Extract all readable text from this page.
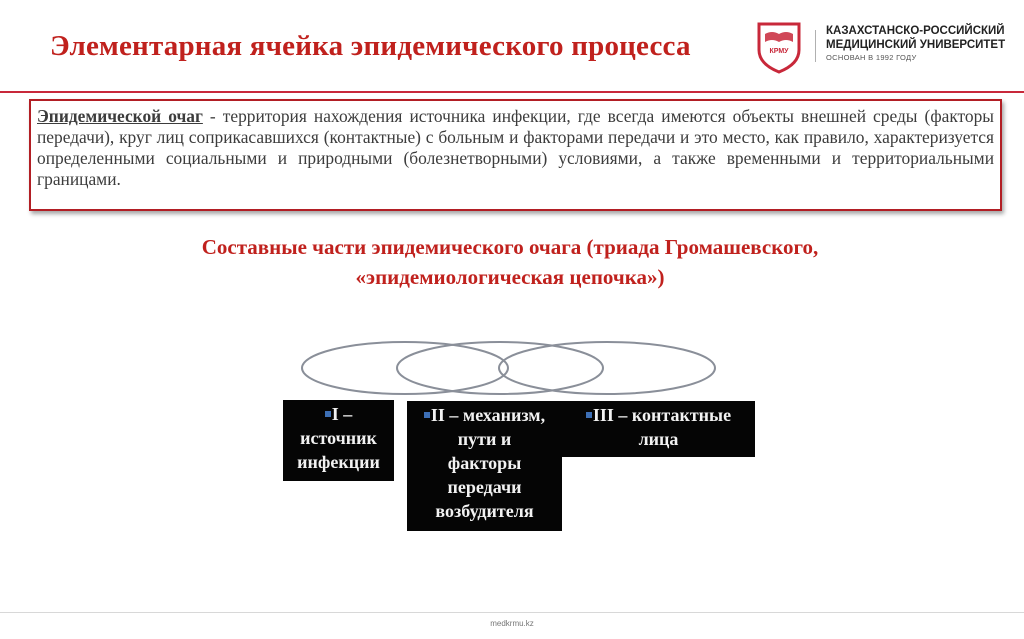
Элементарная ячейка эпидемического процесса	КРМУ
КАЗАХСТАНСКО-РОССИЙСКИЙ
МЕДИЦИНСКИЙ УНИВЕРСИТЕТ
ОСНОВАН В 1992 ГОДУ

Эпидемической очаг - территория нахождения источника инфекции, где всегда имеются объекты внешней среды (факторы передачи), круг лиц соприкасавшихся (контактные) с больным и факторами передачи и это место, как правило, характеризуется определенными социальными и природными (болезнетворными) условиями, а также временными и территориальными границами.

Составные части эпидемического очага (триада Громашевского,
«эпидемиологическая цепочка»)
I –
источник
инфекции
II – механизм,
пути и
факторы
передачи
возбудителя
III – контактные
лица
medkrmu.kz
